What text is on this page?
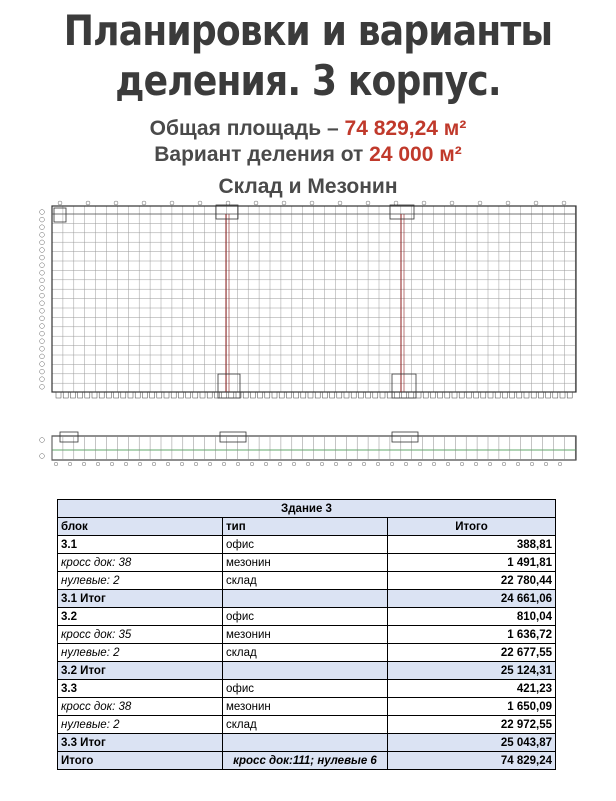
Планировки и варианты
деления. 3 корпус.
Общая площадь – 74 829,24 м²
Вариант деления от 24 000 м²
Склад и Мезонин
Здание 3		
блок	тип	Итого
3.1	офис	388,81
кросс док: 38	мезонин	1 491,81
нулевые: 2	склад	22 780,44
3.1 Итог		24 661,06
3.2	офис	810,04
кросс док: 35	мезонин	1 636,72
нулевые: 2	склад	22 677,55
3.2 Итог		25 124,31
3.3	офис	421,23
кросс док: 38	мезонин	1 650,09
нулевые: 2	склад	22 972,55
3.3 Итог		25 043,87
Итого	кросс док:111; нулевые 6	74 829,24
